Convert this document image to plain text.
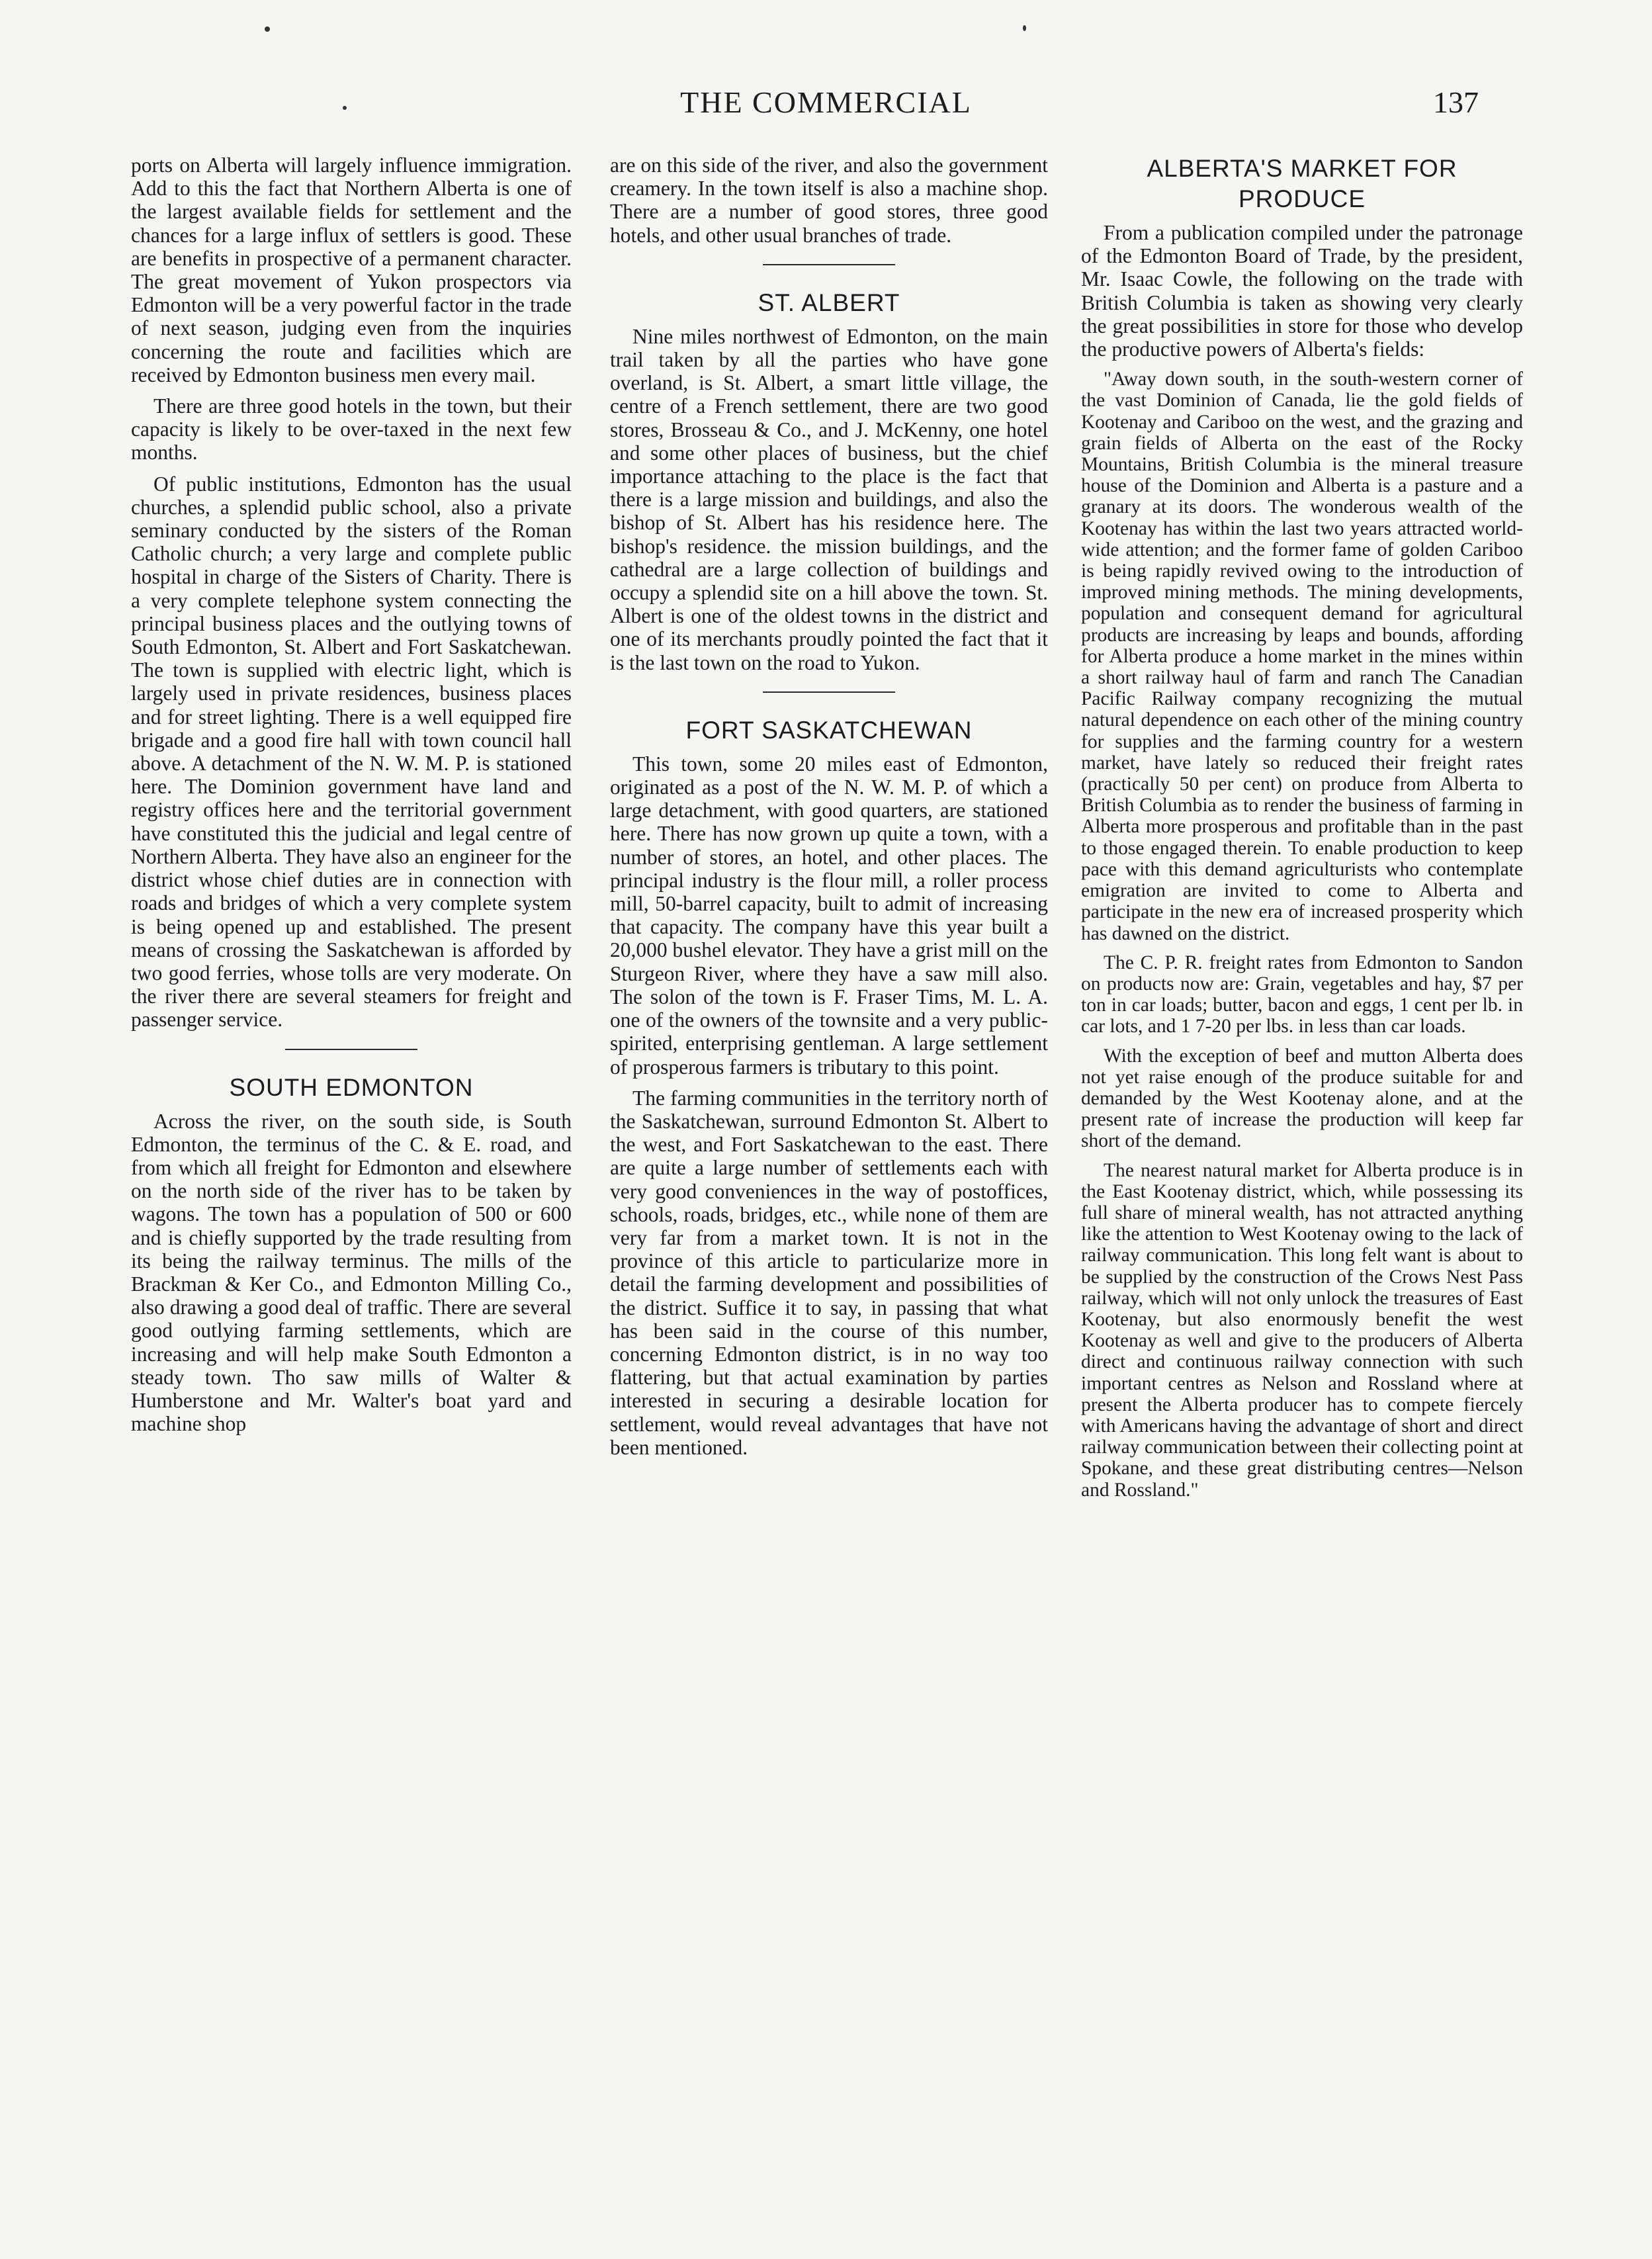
THE COMMERCIAL	137

ports on Alberta will largely influence immigration. Add to this the fact that Northern Alberta is one of the largest available fields for settlement and the chances for a large influx of settlers is good. These are benefits in prospective of a permanent character. The great movement of Yukon prospectors via Edmonton will be a very powerful factor in the trade of next season, judging even from the inquiries concerning the route and facilities which are received by Edmonton business men every mail.

There are three good hotels in the town, but their capacity is likely to be over-taxed in the next few months.

Of public institutions, Edmonton has the usual churches, a splendid public school, also a private seminary conducted by the sisters of the Roman Catholic church; a very large and complete public hospital in charge of the Sisters of Charity. There is a very complete telephone system connecting the principal business places and the outlying towns of South Edmonton, St. Albert and Fort Saskatchewan. The town is supplied with electric light, which is largely used in private residences, business places and for street lighting. There is a well equipped fire brigade and a good fire hall with town council hall above. A detachment of the N. W. M. P. is stationed here. The Dominion government have land and registry offices here and the territorial government have constituted this the judicial and legal centre of Northern Alberta. They have also an engineer for the district whose chief duties are in connection with roads and bridges of which a very complete system is being opened up and established. The present means of crossing the Saskatchewan is afforded by two good ferries, whose tolls are very moderate. On the river there are several steamers for freight and passenger service.

SOUTH EDMONTON

Across the river, on the south side, is South Edmonton, the terminus of the C. & E. road, and from which all freight for Edmonton and elsewhere on the north side of the river has to be taken by wagons. The town has a population of 500 or 600 and is chiefly supported by the trade resulting from its being the railway terminus. The mills of the Brackman & Ker Co., and Edmonton Milling Co., also drawing a good deal of traffic. There are several good outlying farming settlements, which are increasing and will help make South Edmonton a steady town. Tho saw mills of Walter & Humberstone and Mr. Walter's boat yard and machine shop

are on this side of the river, and also the government creamery. In the town itself is also a machine shop. There are a number of good stores, three good hotels, and other usual branches of trade.

ST. ALBERT

Nine miles northwest of Edmonton, on the main trail taken by all the parties who have gone overland, is St. Albert, a smart little village, the centre of a French settlement, there are two good stores, Brosseau & Co., and J. McKenny, one hotel and some other places of business, but the chief importance attaching to the place is the fact that there is a large mission and buildings, and also the bishop of St. Albert has his residence here. The bishop's residence. the mission buildings, and the cathedral are a large collection of buildings and occupy a splendid site on a hill above the town. St. Albert is one of the oldest towns in the district and one of its merchants proudly pointed the fact that it is the last town on the road to Yukon.

FORT SASKATCHEWAN

This town, some 20 miles east of Edmonton, originated as a post of the N. W. M. P. of which a large detachment, with good quarters, are stationed here. There has now grown up quite a town, with a number of stores, an hotel, and other places. The principal industry is the flour mill, a roller process mill, 50-barrel capacity, built to admit of increasing that capacity. The company have this year built a 20,000 bushel elevator. They have a grist mill on the Sturgeon River, where they have a saw mill also. The solon of the town is F. Fraser Tims, M. L. A. one of the owners of the townsite and a very public-spirited, enterprising gentleman. A large settlement of prosperous farmers is tributary to this point.

The farming communities in the territory north of the Saskatchewan, surround Edmonton St. Albert to the west, and Fort Saskatchewan to the east. There are quite a large number of settlements each with very good conveniences in the way of postoffices, schools, roads, bridges, etc., while none of them are very far from a market town. It is not in the province of this article to particularize more in detail the farming development and possibilities of the district. Suffice it to say, in passing that what has been said in the course of this number, concerning Edmonton district, is in no way too flattering, but that actual examination by parties interested in securing a desirable location for settlement, would reveal advantages that have not been mentioned.

ALBERTA'S MARKET FOR PRODUCE

From a publication compiled under the patronage of the Edmonton Board of Trade, by the president, Mr. Isaac Cowle, the following on the trade with British Columbia is taken as showing very clearly the great possibilities in store for those who develop the productive powers of Alberta's fields:

"Away down south, in the south-western corner of the vast Dominion of Canada, lie the gold fields of Kootenay and Cariboo on the west, and the grazing and grain fields of Alberta on the east of the Rocky Mountains, British Columbia is the mineral treasure house of the Dominion and Alberta is a pasture and a granary at its doors. The wonderous wealth of the Kootenay has within the last two years attracted world-wide attention; and the former fame of golden Cariboo is being rapidly revived owing to the introduction of improved mining methods. The mining developments, population and consequent demand for agricultural products are increasing by leaps and bounds, affording for Alberta produce a home market in the mines within a short railway haul of farm and ranch The Canadian Pacific Railway company recognizing the mutual natural dependence on each other of the mining country for supplies and the farming country for a western market, have lately so reduced their freight rates (practically 50 per cent) on produce from Alberta to British Columbia as to render the business of farming in Alberta more prosperous and profitable than in the past to those engaged therein. To enable production to keep pace with this demand agriculturists who contemplate emigration are invited to come to Alberta and participate in the new era of increased prosperity which has dawned on the district.

The C. P. R. freight rates from Edmonton to Sandon on products now are: Grain, vegetables and hay, $7 per ton in car loads; butter, bacon and eggs, 1 cent per lb. in car lots, and 1 7-20 per lbs. in less than car loads.

With the exception of beef and mutton Alberta does not yet raise enough of the produce suitable for and demanded by the West Kootenay alone, and at the present rate of increase the production will keep far short of the demand.

The nearest natural market for Alberta produce is in the East Kootenay district, which, while possessing its full share of mineral wealth, has not attracted anything like the attention to West Kootenay owing to the lack of railway communication. This long felt want is about to be supplied by the construction of the Crows Nest Pass railway, which will not only unlock the treasures of East Kootenay, but also enormously benefit the west Kootenay as well and give to the producers of Alberta direct and continuous railway connection with such important centres as Nelson and Rossland where at present the Alberta producer has to compete fiercely with Americans having the advantage of short and direct railway communication between their collecting point at Spokane, and these great distributing centres—Nelson and Rossland."
